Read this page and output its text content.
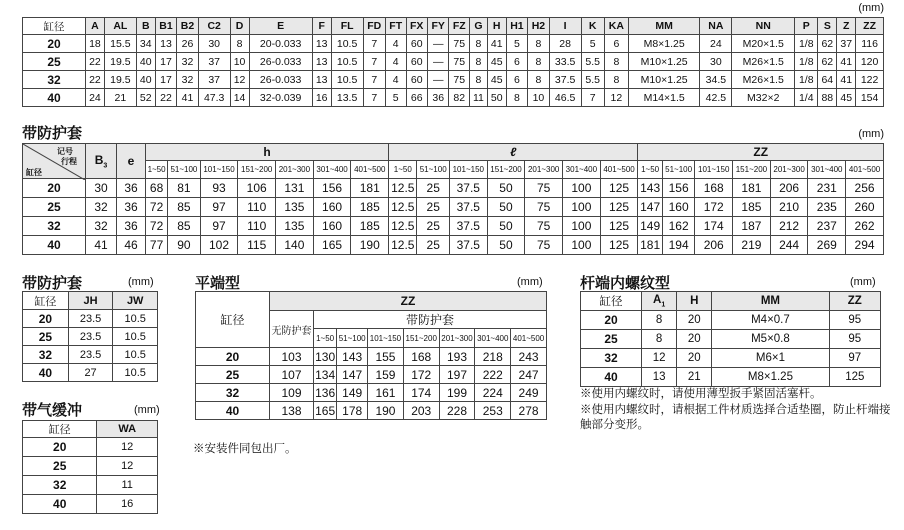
(mm)
缸径	A	AL	B	B1	B2	C2	D	E	F	FL	FD	FT	FX	FY	FZ	G	H	H1	H2	I	K	KA	MM	NA	NN	P	S	Z	ZZ
20	18	15.5	34	13	26	30	8	20-0.033	13	10.5	7	4	60	—	75	8	41	5	8	28	5	6	M8×1.25	24	M20×1.5	1/8	62	37	116
25	22	19.5	40	17	32	37	10	26-0.033	13	10.5	7	4	60	—	75	8	45	6	8	33.5	5.5	8	M10×1.25	30	M26×1.5	1/8	62	41	120
32	22	19.5	40	17	32	37	12	26-0.033	13	10.5	7	4	60	—	75	8	45	6	8	37.5	5.5	8	M10×1.25	34.5	M26×1.5	1/8	64	41	122
40	24	21	52	22	41	47.3	14	32-0.039	16	13.5	7	5	66	36	82	11	50	8	10	46.5	7	12	M14×1.5	42.5	M32×2	1/4	88	45	154
带防护套	(mm)
记号
行程
缸径	$B_3$	e	h							ℓ							ZZ						
			1~50	51~100	101~150	151~200	201~300	301~400	401~500	1~50	51~100	101~150	151~200	201~300	301~400	401~500	1~50	51~100	101~150	151~200	201~300	301~400	401~500
20	30	36	68	81	93	106	131	156	181	12.5	25	37.5	50	75	100	125	143	156	168	181	206	231	256
25	32	36	72	85	97	110	135	160	185	12.5	25	37.5	50	75	100	125	147	160	172	185	210	235	260
32	32	36	72	85	97	110	135	160	185	12.5	25	37.5	50	75	100	125	149	162	174	187	212	237	262
40	41	46	77	90	102	115	140	165	190	12.5	25	37.5	50	75	100	125	181	194	206	219	244	269	294
带防护套	(mm)
缸径	JH	JW
20	23.5	10.5
25	23.5	10.5
32	23.5	10.5
40	27	10.5
带气缓冲	(mm)
缸径	WA
20	12
25	12
32	11
40	16
平端型	(mm)
缸径	ZZ							
	无防护套	带防护套						
		1~50	51~100	101~150	151~200	201~300	301~400	401~500
20	103	130	143	155	168	193	218	243
25	107	134	147	159	172	197	222	247
32	109	136	149	161	174	199	224	249
40	138	165	178	190	203	228	253	278
※安装件同包出厂。
杆端内螺纹型	(mm)
缸径	$A_1$	H	MM	ZZ
20	8	20	M4×0.7	95
25	8	20	M5×0.8	95
32	12	20	M6×1	97
40	13	21	M8×1.25	125
※使用内螺纹时，请使用薄型扳手紧固活塞杆。
※使用内螺纹时，请根据工件材质选择合适垫圈，防止杆端接触部分变形。
